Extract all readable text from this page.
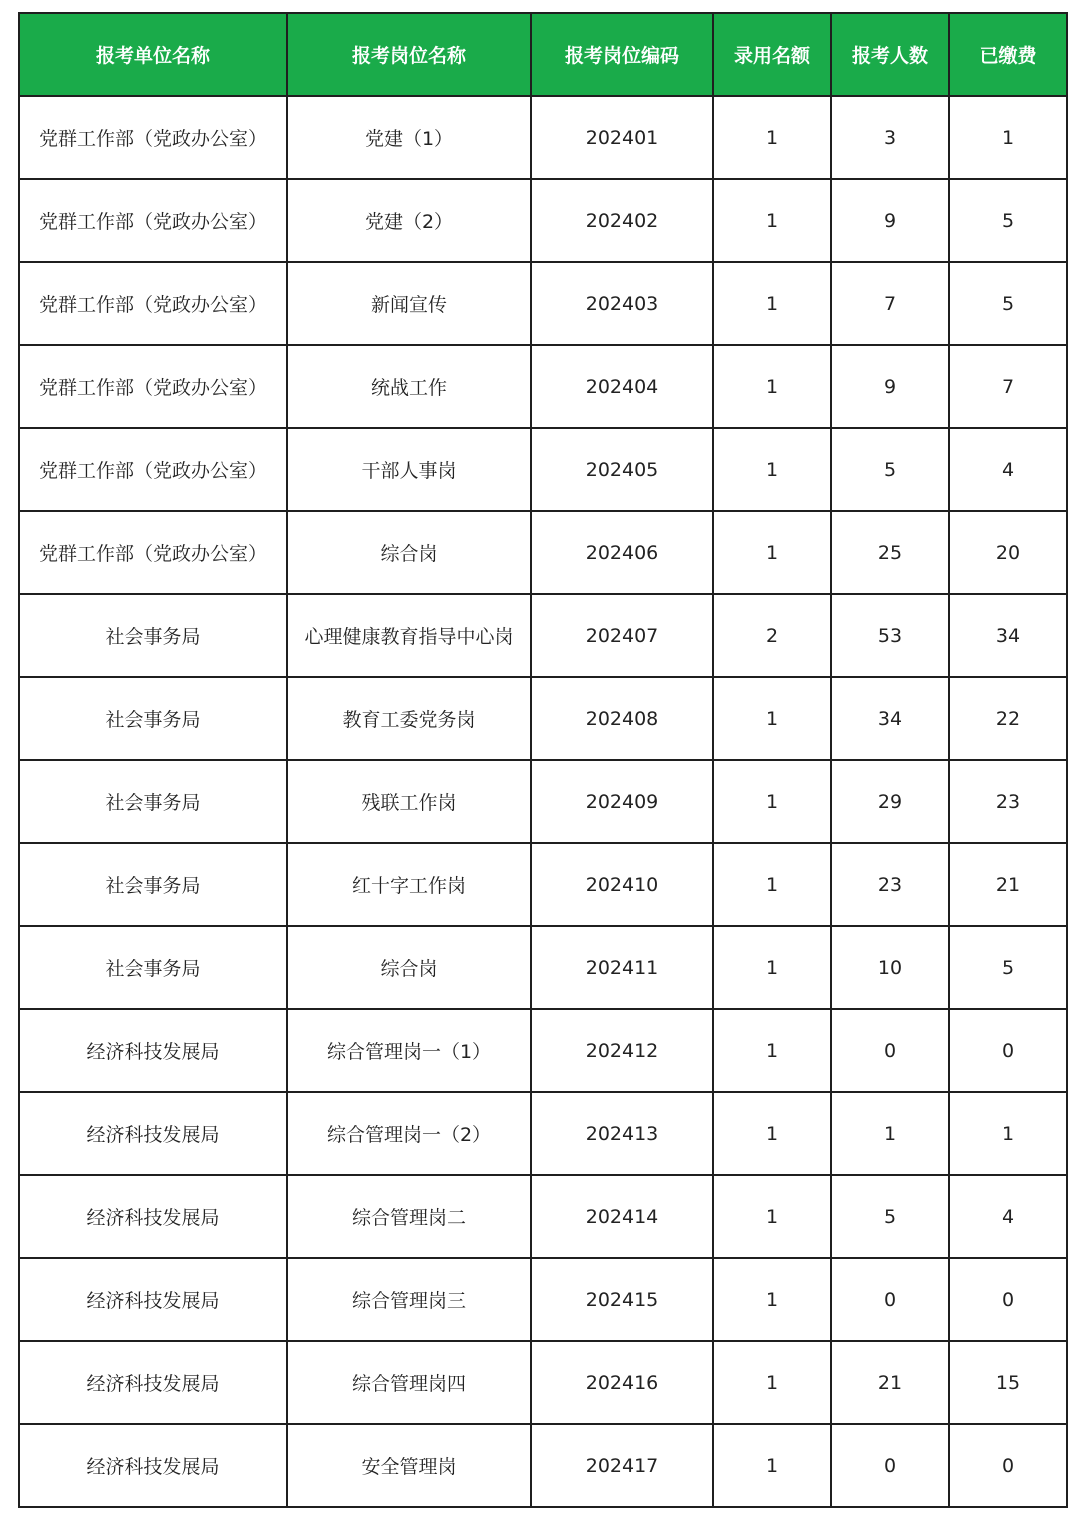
报考单位名称	报考岗位名称	报考岗位编码	录用名额	报考人数	已缴费
党群工作部（党政办公室）	党建（1）	202401	1	3	1
党群工作部（党政办公室）	党建（2）	202402	1	9	5
党群工作部（党政办公室）	新闻宣传	202403	1	7	5
党群工作部（党政办公室）	统战工作	202404	1	9	7
党群工作部（党政办公室）	干部人事岗	202405	1	5	4
党群工作部（党政办公室）	综合岗	202406	1	25	20
社会事务局	心理健康教育指导中心岗	202407	2	53	34
社会事务局	教育工委党务岗	202408	1	34	22
社会事务局	残联工作岗	202409	1	29	23
社会事务局	红十字工作岗	202410	1	23	21
社会事务局	综合岗	202411	1	10	5
经济科技发展局	综合管理岗一（1）	202412	1	0	0
经济科技发展局	综合管理岗一（2）	202413	1	1	1
经济科技发展局	综合管理岗二	202414	1	5	4
经济科技发展局	综合管理岗三	202415	1	0	0
经济科技发展局	综合管理岗四	202416	1	21	15
经济科技发展局	安全管理岗	202417	1	0	0
